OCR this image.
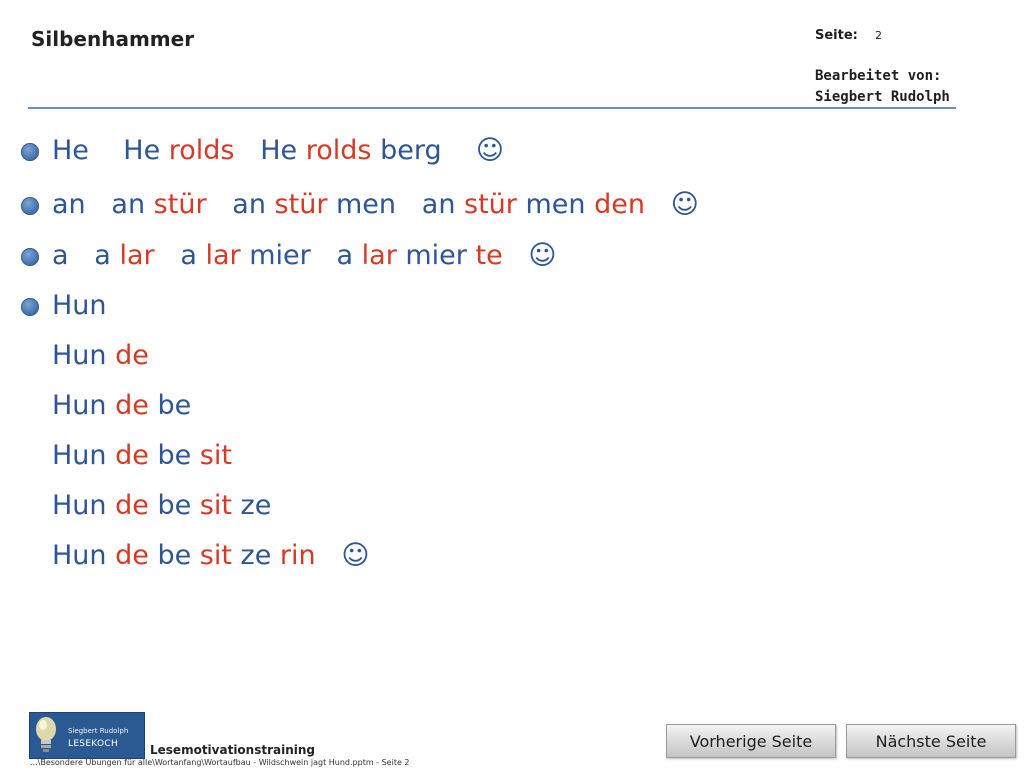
Silbenhammer	Seite: 2
Bearbeitet von:
Siegbert Rudolph
He He rolds He rolds berg    ☺
an an stür an stür men an stür men den   ☺
a a lar a lar mier a lar mier te   ☺
Hun
Hun de
Hun de be
Hun de be sit
Hun de be sit ze
Hun de be sit ze rin   ☺
Siegbert Rudolph
LESEKOCH	Lesemotivationstraining
...\Besondere Übungen für alle\Wortanfang\Wortaufbau - Wildschwein jagt Hund.pptm - Seite 2
Vorherige Seite	Nächste Seite
